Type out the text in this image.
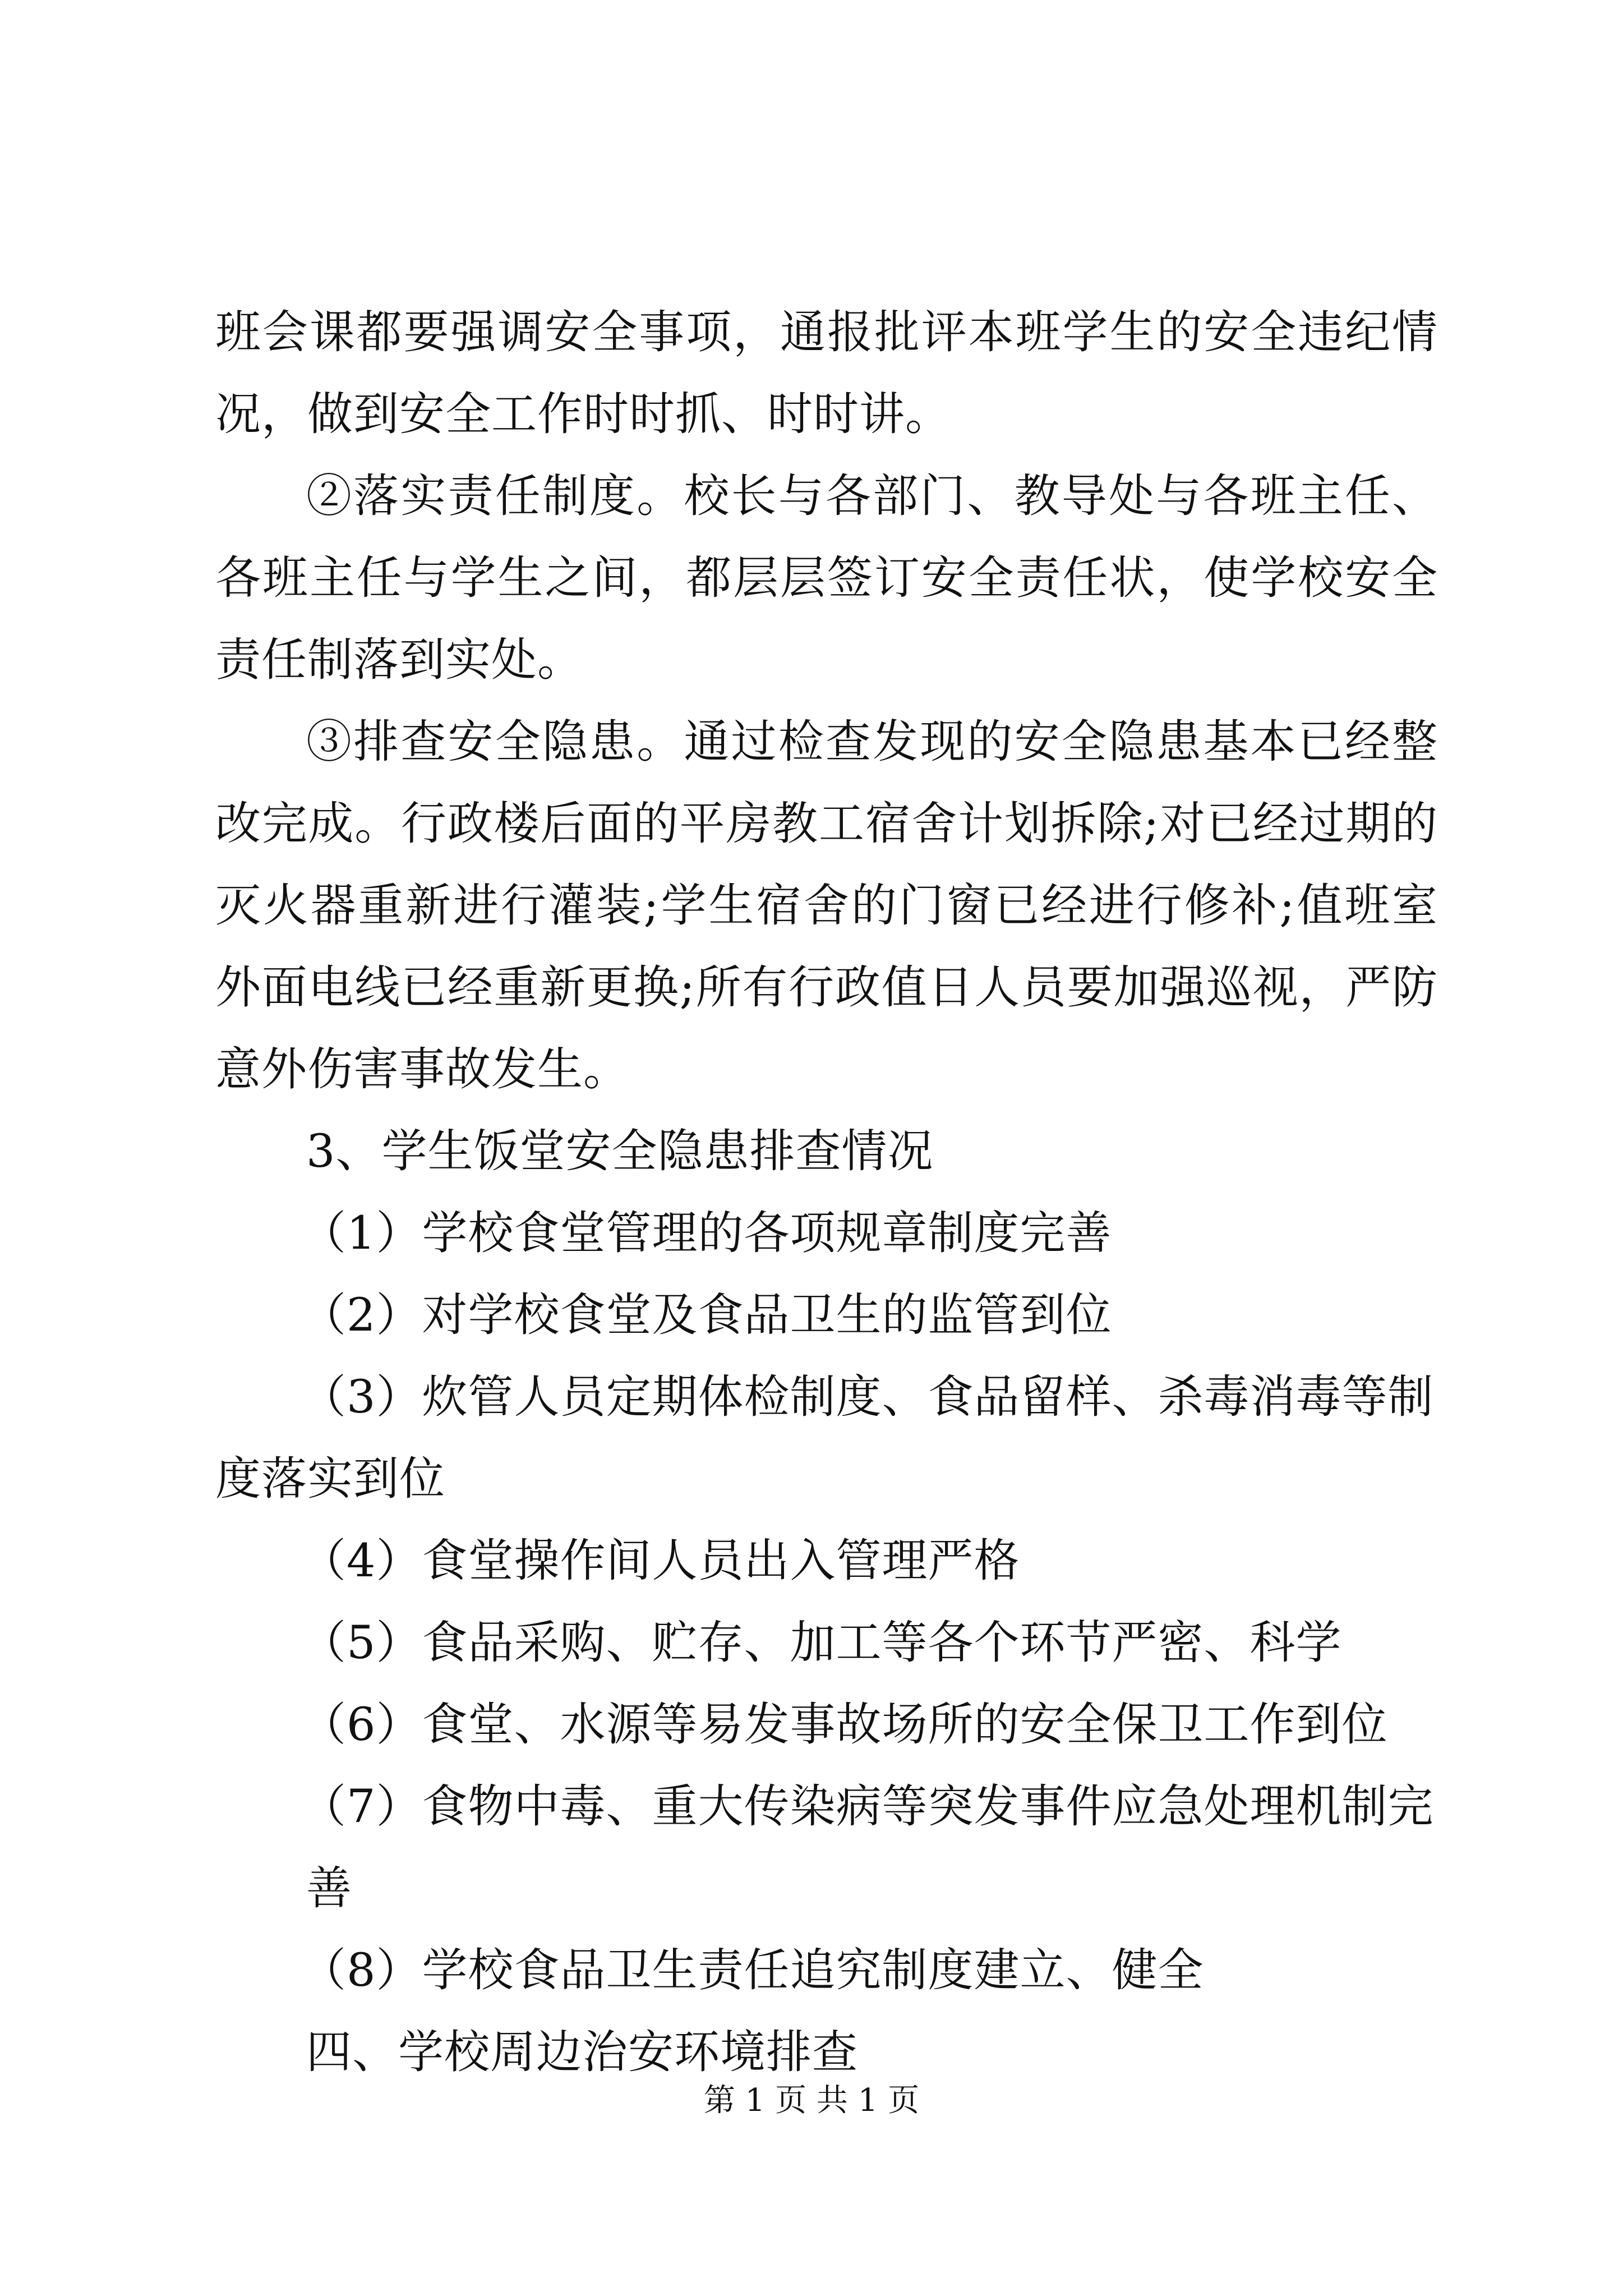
班会课都要强调安全事项，通报批评本班学生的安全违纪情况，做到安全工作时时抓、时时讲。

②落实责任制度。校长与各部门、教导处与各班主任、各班主任与学生之间，都层层签订安全责任状，使学校安全责任制落到实处。

③排查安全隐患。通过检查发现的安全隐患基本已经整改完成。行政楼后面的平房教工宿舍计划拆除;对已经过期的灭火器重新进行灌装;学生宿舍的门窗已经进行修补;值班室外面电线已经重新更换;所有行政值日人员要加强巡视，严防意外伤害事故发生。

3、学生饭堂安全隐患排查情况

（1）学校食堂管理的各项规章制度完善

（2）对学校食堂及食品卫生的监管到位

（3）炊管人员定期体检制度、食品留样、杀毒消毒等制度落实到位

（4）食堂操作间人员出入管理严格

（5）食品采购、贮存、加工等各个环节严密、科学

（6）食堂、水源等易发事故场所的安全保卫工作到位

（7）食物中毒、重大传染病等突发事件应急处理机制完善

（8）学校食品卫生责任追究制度建立、健全

四、学校周边治安环境排查

第 1 页 共 1 页
